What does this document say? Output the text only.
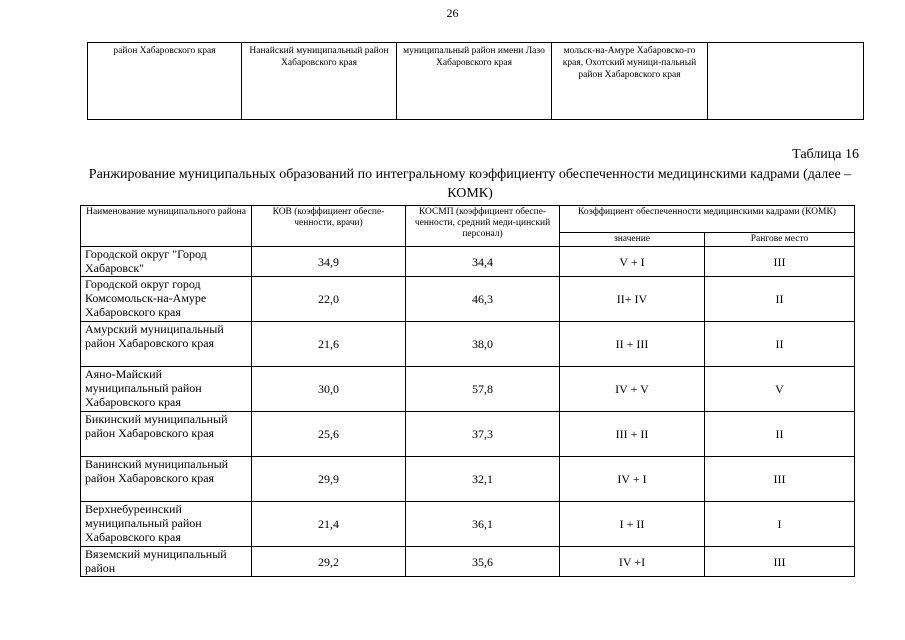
26
район Хабаровского края	Нанайский муниципальный район Хабаровского края	муниципальный район имени Лазо Хабаровского края	мольск-на-Амуре Хабаровско-го края, Охотский муници-пальный район Хабаровского края	
Таблица 16
Ранжирование муниципальных образований по интегральному коэффициенту обеспеченности медицинскими кадрами (далее – КОМК)
Наименование муниципального района	КОВ (коэффициент обеспе-ченности, врачи)	КОСМП (коэффициент обеспе-ченности, средний меди-цинский персонал)	Коэффициент обеспеченности медицинскими кадрами (КОМК)	
			значение	Рангове место
Городской округ "Город Хабаровск"	34,9	34,4	V + I	III
Городской округ город Комсомольск-на-Амуре Хабаровского края	22,0	46,3	II+ IV	II
Амурский муниципальный район Хабаровского края	21,6	38,0	II + III	II
Аяно-Майский муниципальный район Хабаровского края	30,0	57,8	IV + V	V
Бикинский муниципальный район Хабаровского края	25,6	37,3	III + II	II
Ванинский муниципальный район Хабаровского края	29,9	32,1	IV + I	III
Верхнебуреинский муниципальный район Хабаровского края	21,4	36,1	I + II	I
Вяземский муниципальный район	29,2	35,6	IV +I	III
